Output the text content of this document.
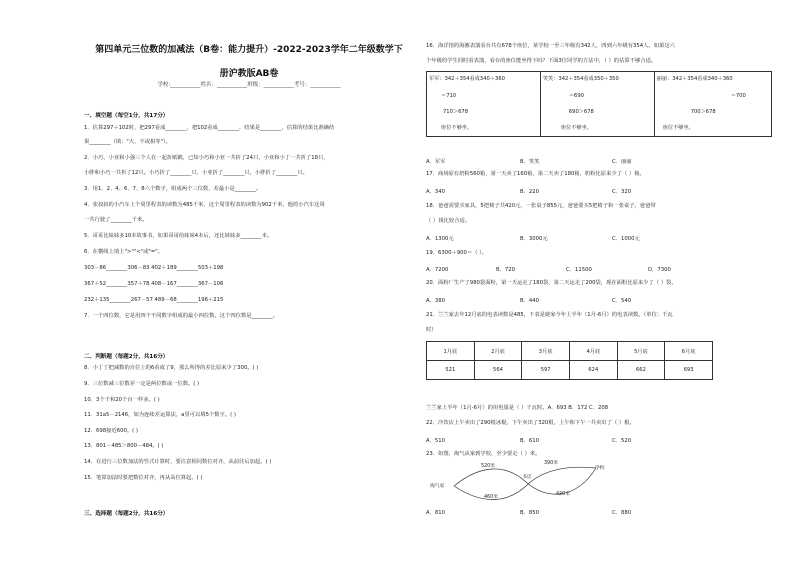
第四单元三位数的加减法（B卷：能力提升）-2022-2023学年二年级数学下
册沪教版AB卷
学校:___________姓名：___________班级：___________考号：___________
一、填空题（每空1分，共17分）
1．估算297＋102时，把297看成________，把102看成________，结果是________，估算的结果比准确结
果________（填："大、不或相等"）。
2．小巧、小亚和小强三个人在一起折纸鹤，已知小巧和小亚一共折了24只，小亚和小丁一共折了18只，
小胖和小巧一共折了12只。小巧折了________只，小亚折了________只，小胖折了________只。
3．用1、2、4、6、7、8六个数字，组成两个三位数，差最小是________。
4．张叔叔的小汽车上个周里程表的读数为485千米，这个周里程表的读数为902千米，他的小汽车这周
一共行驶了________千米。
5．哥哥比妹妹多10本故事书，如果哥哥给妹妹4本后，还比妹妹多________本。
6．在横线上填上">""<"或"="。
303－86________306－83 402＋189________503＋198
367＋52________357＋78 408－167________367－106
232＋135________267－57 489－68________196＋215
7．一个四位数，它是用四个不同数字组成的最小四位数，这个四位数是________。
二、判断题（每题2分，共16分）
8．小丁丁把减数的百位上的6看成了9，那么所得的差比原来少了300。( )
9．三位数减三位数差一定是两位数或一位数。( )
10．3个千和20个百一样多。( )
11．31a5－2146，如为连续差运算法，a里可以填5个数字。( )
12．698接近600。( )
13．801－485＞800－484。( )
14．在进行三位数加法的竖式计算时，要注意相同数位对齐，从前往后加起。( )
15．笔算加法时要把数位对齐，再从高位算起。( )
三、选择题（每题2分，共16分）
16．海洋馆的海豚表演看台共有678个座位，某学校一至三年级有342人，四到六年级有354人。如果这六
个年级的学生同时看表演，看台的座位能坐得下吗？下面3位同学的方法中，（ ）的估算不够合适。
军军：342＋354看成340＋360
＝710
710＞678
座位不够坐。

笑笑：342＋354看成350＋350
＝690
690＞678
座位不够坐。

丽丽：342＋354看成340＋360
＝700
700＞678
座位不够坐。
A．军军	B．笑笑	C．丽丽
17．商场原有奶粉560箱，第一天卖了160箱，第二天卖了180箱，奶粉比原来少了（ ）箱。
A．340	B．220	C．320
18．爸爸需要买家具，5把椅子共420元，一张桌子855元，爸爸要买5把椅子和一张桌子，爸爸带
（ ）钱比较合适。
A．1300元	B．3000元	C．1000元
19．6300＋900＝（ ）。
A．7200	B．720	C．11500	D．7300
20．面粉厂生产了980袋面粉，第一天运走了180袋，第二天运走了200袋，现在面粉比原来少了（ ）袋。
A．380	B．440	C．540
21．兰兰家去年12月底的电表读数是485，下表是她家今年上半年（1月-6月）的电表读数。（单位：千瓦
时）
1月底	2月底	3月底	4月底	5月底	6月底
521	564	597	624	662	693
兰兰家上半年（1月-6月）的用电量是（ ）千瓦时。A．693 B．172 C．208
22．冷饮店上午卖出了290根冰棍，下午卖出了320根，上午和下午一共卖出了（ ）根。
A．510	B．610	C．520
23．如图，淘气从家到学校，至少要走（ ）米。
淘气家
学校
书店
520米
390米
460米
420米
A．810	B．850	C．880
